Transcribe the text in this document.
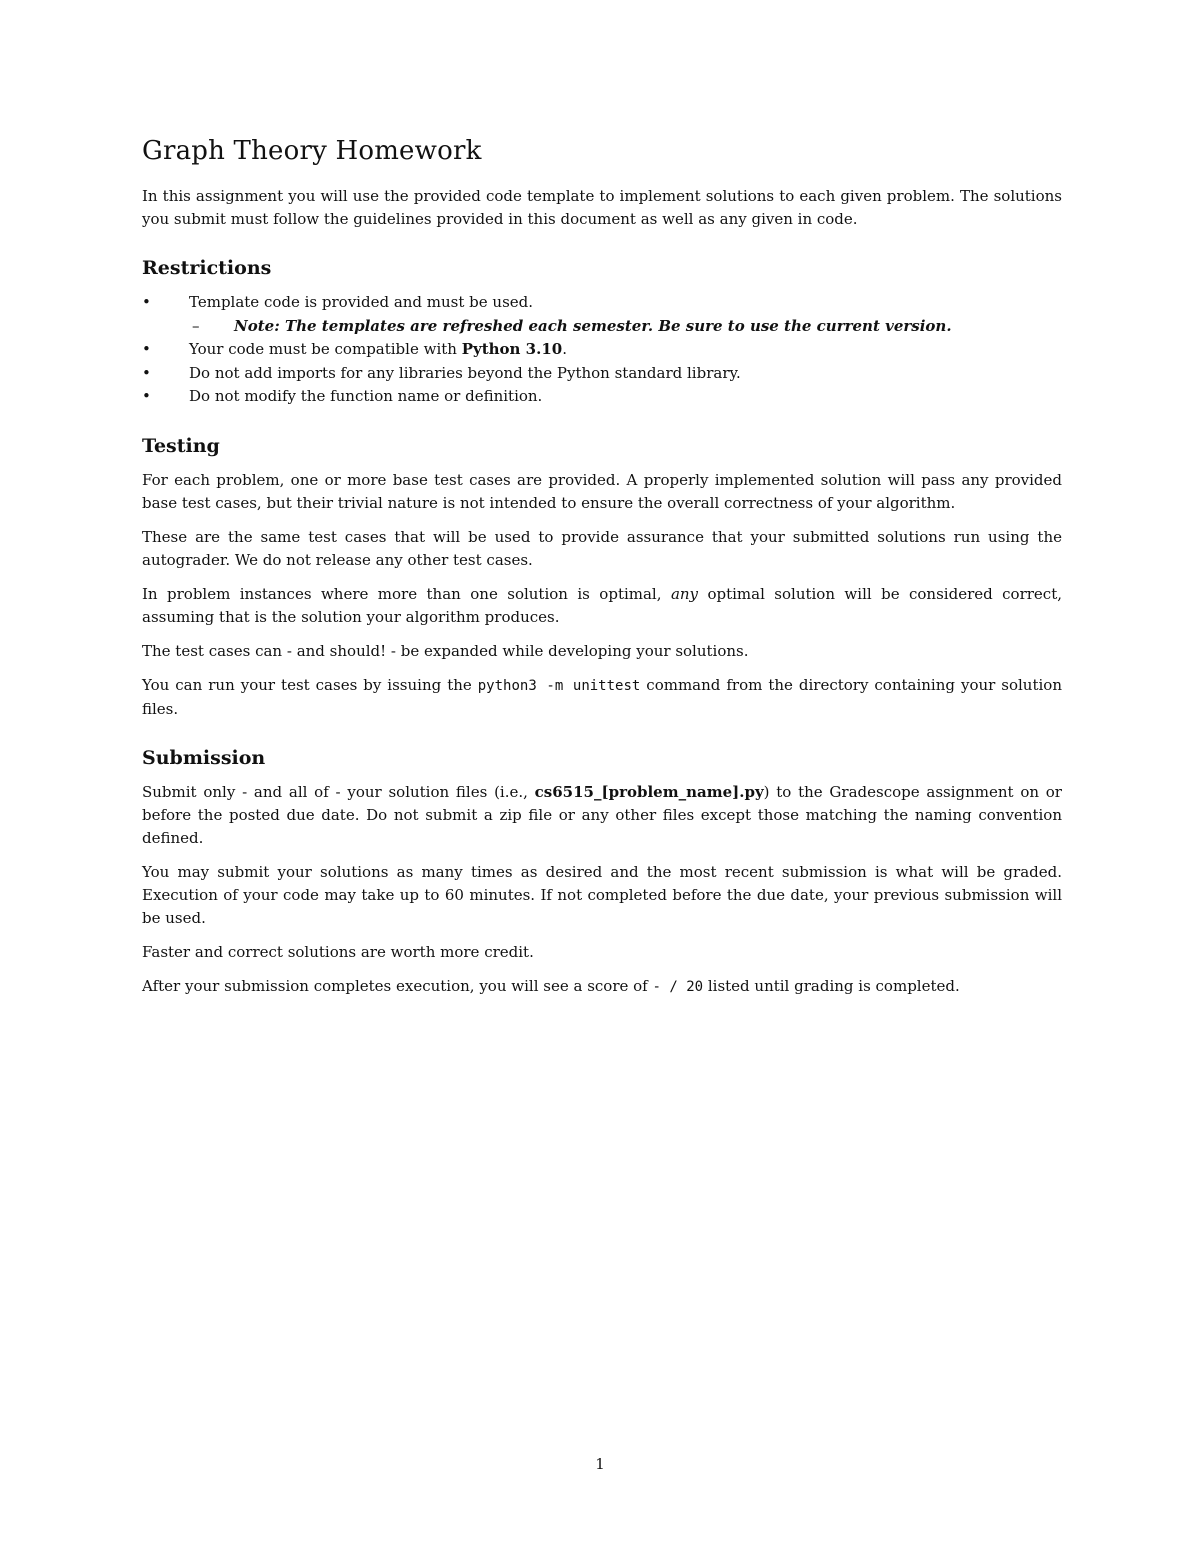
Graph Theory Homework

In this assignment you will use the provided code template to implement solutions to each given problem. The solutions you submit must follow the guidelines provided in this document as well as any given in code.

Restrictions
•	Template code is provided and must be used.
–	Note: The templates are refreshed each semester. Be sure to use the current version.
•	Your code must be compatible with Python 3.10.
•	Do not add imports for any libraries beyond the Python standard library.
•	Do not modify the function name or definition.
Testing

For each problem, one or more base test cases are provided. A properly implemented solution will pass any provided base test cases, but their trivial nature is not intended to ensure the overall correctness of your algorithm.

These are the same test cases that will be used to provide assurance that your submitted solutions run using the autograder. We do not release any other test cases.

In problem instances where more than one solution is optimal, any optimal solution will be considered correct, assuming that is the solution your algorithm produces.

The test cases can - and should! - be expanded while developing your solutions.

You can run your test cases by issuing the python3 -m unittest command from the directory containing your solution files.

Submission

Submit only - and all of - your solution files (i.e., cs6515_[problem_name].py) to the Gradescope assignment on or before the posted due date. Do not submit a zip file or any other files except those matching the naming convention defined.

You may submit your solutions as many times as desired and the most recent submission is what will be graded. Execution of your code may take up to 60 minutes. If not completed before the due date, your previous submission will be used.

Faster and correct solutions are worth more credit.

After your submission completes execution, you will see a score of - / 20 listed until grading is completed.

1
